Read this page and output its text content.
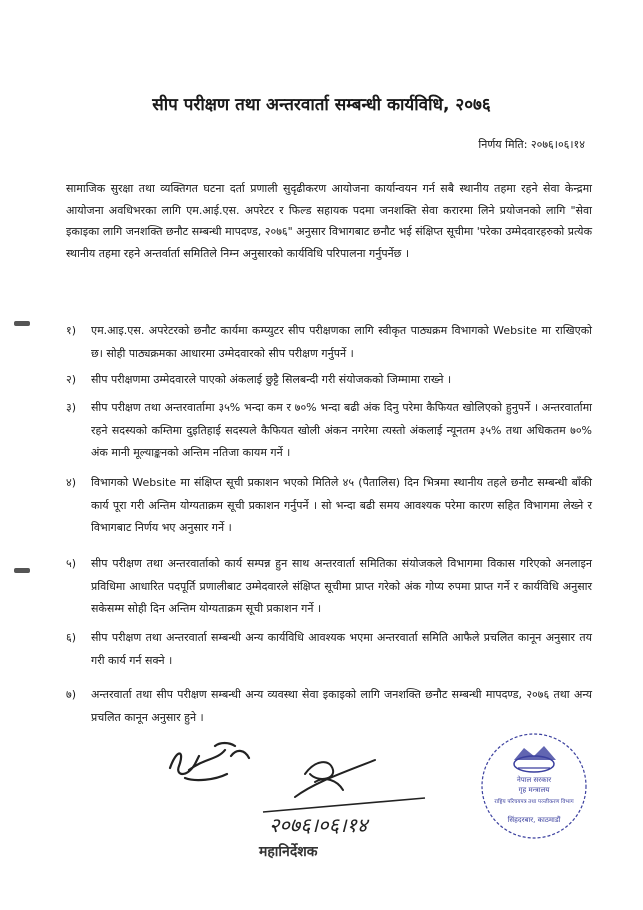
सीप परीक्षण तथा अन्तरवार्ता सम्बन्धी कार्यविधि, २०७६
निर्णय मिति: २०७६।०६।१४
सामाजिक सुरक्षा तथा व्यक्तिगत घटना दर्ता प्रणाली सुदृढीकरण आयोजना कार्यान्वयन गर्न सबै स्थानीय तहमा रहने सेवा केन्द्रमा आयोजना अवधिभरका लागि एम.आई.एस. अपरेटर र फिल्ड सहायक पदमा जनशक्ति सेवा करारमा लिने प्रयोजनको लागि "सेवा इकाइका लागि जनशक्ति छनौट सम्बन्धी मापदण्ड, २०७६" अनुसार विभागबाट छनौट भई संक्षिप्त सूचीमा 'परेका उम्मेदवारहरुको प्रत्येक स्थानीय तहमा रहने अन्तर्वार्ता समितिले निम्न अनुसारको कार्यविधि परिपालना गर्नुपर्नेछ ।
१)	एम.आइ.एस. अपरेटरको छनौट कार्यमा कम्प्युटर सीप परीक्षणका लागि स्वीकृत पाठ्यक्रम विभागको Website मा राखिएको छ। सोही पाठ्यक्रमका आधारमा उम्मेदवारको सीप परीक्षण गर्नुपर्ने ।
२)	सीप परीक्षणमा उम्मेदवारले पाएको अंकलाई छुट्टै सिलबन्दी गरी संयोजकको जिम्मामा राख्ने ।
३)	सीप परीक्षण तथा अन्तरवार्तामा ३५% भन्दा कम र ७०% भन्दा बढी अंक दिनु परेमा कैफियत खोलिएको हुनुपर्ने । अन्तरवार्तामा रहने सदस्यको कम्तिमा दुइतिहाई सदस्यले कैफियत खोली अंकन नगरेमा त्यस्तो अंकलाई न्यूनतम ३५% तथा अधिकतम ७०% अंक मानी मूल्याङ्कनको अन्तिम नतिजा कायम गर्ने ।
४)	विभागको Website मा संक्षिप्त सूची प्रकाशन भएको मितिले ४५ (पैतालिस) दिन भित्रमा स्थानीय तहले छनौट सम्बन्धी बाँकी कार्य पूरा गरी अन्तिम योग्यताक्रम सूची प्रकाशन गर्नुपर्ने । सो भन्दा बढी समय आवश्यक परेमा कारण सहित विभागमा लेख्ने र विभागबाट निर्णय भए अनुसार गर्ने ।
५)	सीप परीक्षण तथा अन्तरवार्ताको कार्य सम्पन्न हुन साथ अन्तरवार्ता समितिका संयोजकले विभागमा विकास गरिएको अनलाइन प्रविधिमा आधारित पदपूर्ति प्रणालीबाट उम्मेदवारले संक्षिप्त सूचीमा प्राप्त गरेको अंक गोप्य रुपमा प्राप्त गर्ने र कार्यविधि अनुसार सकेसम्म सोही दिन अन्तिम योग्यताक्रम सूची प्रकाशन गर्ने ।
६)	सीप परीक्षण तथा अन्तरवार्ता सम्बन्धी अन्य कार्यविधि आवश्यक भएमा अन्तरवार्ता समिति आफैले प्रचलित कानून अनुसार तय गरी कार्य गर्न सक्ने ।
७)	अन्तरवार्ता तथा सीप परीक्षण सम्बन्धी अन्य व्यवस्था सेवा इकाइको लागि जनशक्ति छनौट सम्बन्धी मापदण्ड, २०७६ तथा अन्य प्रचलित कानून अनुसार हुने ।
२०७६।०६।१४
महानिर्देशक
नेपाल सरकार
गृह मन्त्रालय
राष्ट्रिय परिचयपत्र तथा पञ्जीकरण विभाग
सिंहदरबार, काठमाडौं
